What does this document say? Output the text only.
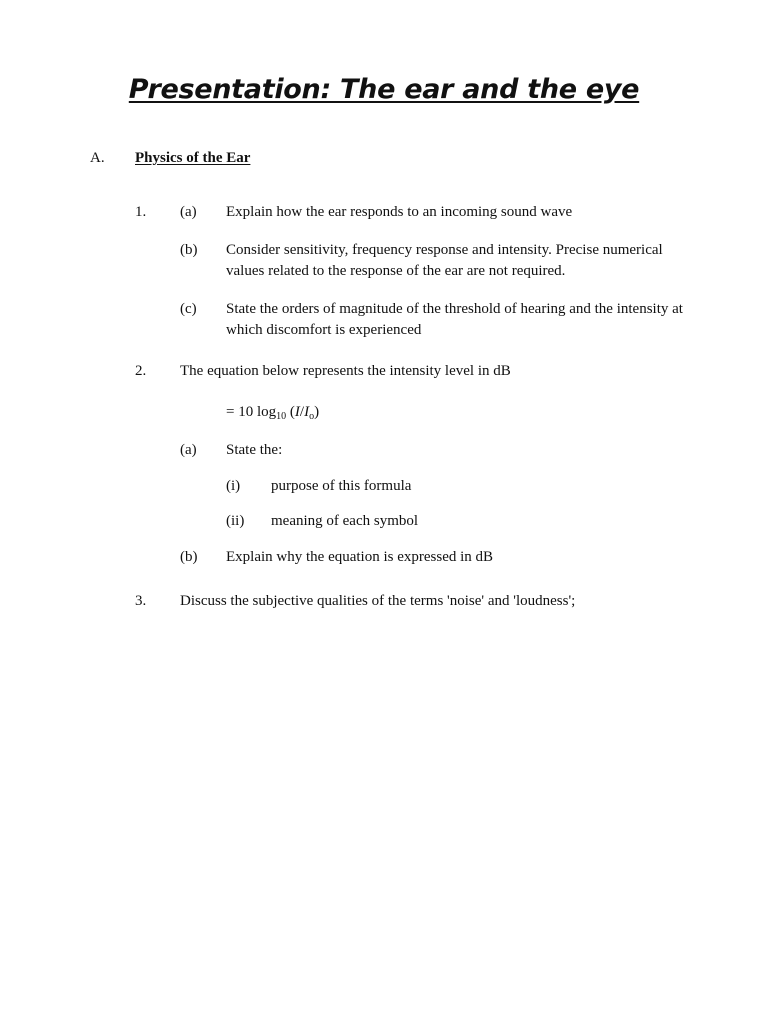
Presentation: The ear and the eye
A. Physics of the Ear
1. (a) Explain how the ear responds to an incoming sound wave
(b) Consider sensitivity, frequency response and intensity. Precise numerical values related to the response of the ear are not required.
(c) State the orders of magnitude of the threshold of hearing and the intensity at which discomfort is experienced
2. The equation below represents the intensity level in dB
= 10 $\log_{10} (I/I_o)$
(a) State the:
(i) purpose of this formula
(ii) meaning of each symbol
(b) Explain why the equation is expressed in dB
3. Discuss the subjective qualities of the terms 'noise' and 'loudness';
